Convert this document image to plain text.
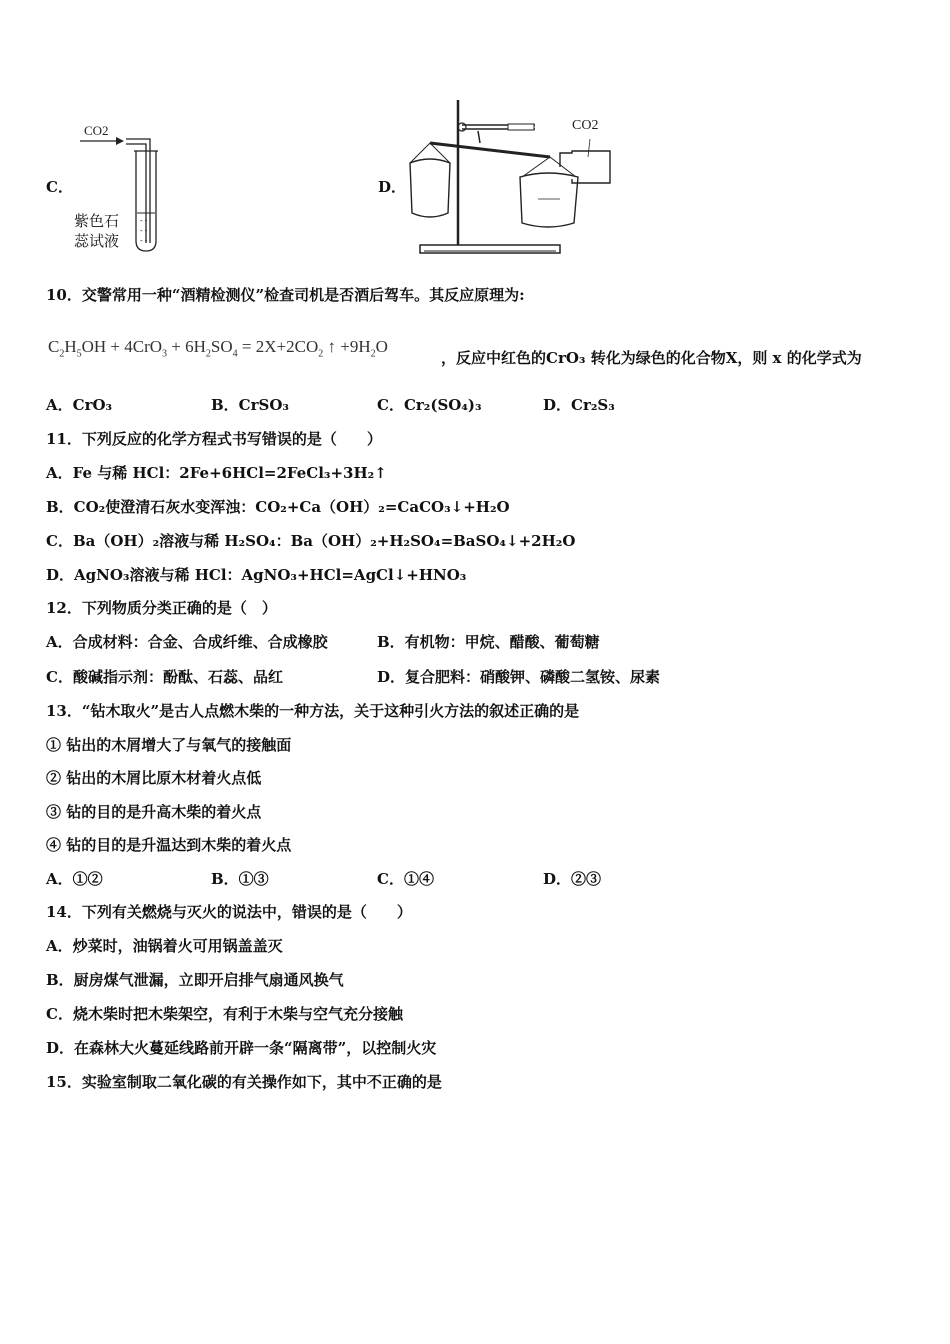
C．
CO2
- -
- -
- -
紫色石
蕊试液
D．
CO2
10．交警常用一种“酒精检测仪”检查司机是否酒后驾车。其反应原理为:
$C_2H_5OH + 4CrO_3 + 6H_2SO_4 = 2X+2CO_2$ ↑ $+9H_2O$
，反应中红色的CrO₃ 转化为绿色的化合物X，则 x 的化学式为
A．CrO₃	B．CrSO₃	C．Cr₂(SO₄)₃	D．Cr₂S₃
11．下列反应的化学方程式书写错误的是（　　）
A．Fe 与稀 HCl：2Fe+6HCl=2FeCl₃+3H₂↑
B．CO₂使澄清石灰水变浑浊：CO₂+Ca（OH）₂=CaCO₃↓+H₂O
C．Ba（OH）₂溶液与稀 H₂SO₄：Ba（OH）₂+H₂SO₄=BaSO₄↓+2H₂O
D．AgNO₃溶液与稀 HCl：AgNO₃+HCl=AgCl↓+HNO₃
12．下列物质分类正确的是（　）
A．合成材料：合金、合成纤维、合成橡胶	B．有机物：甲烷、醋酸、葡萄糖
C．酸碱指示剂：酚酞、石蕊、品红	D．复合肥料：硝酸钾、磷酸二氢铵、尿素
13．“钻木取火”是古人点燃木柴的一种方法，关于这种引火方法的叙述正确的是
① 钻出的木屑增大了与氧气的接触面
② 钻出的木屑比原木材着火点低
③ 钻的目的是升高木柴的着火点
④ 钻的目的是升温达到木柴的着火点
A．①②	B．①③	C．①④	D．②③
14．下列有关燃烧与灭火的说法中，错误的是（　　）
A．炒菜时，油锅着火可用锅盖盖灭
B．厨房煤气泄漏，立即开启排气扇通风换气
C．烧木柴时把木柴架空，有利于木柴与空气充分接触
D．在森林大火蔓延线路前开辟一条“隔离带”，以控制火灾
15．实验室制取二氧化碳的有关操作如下，其中不正确的是
